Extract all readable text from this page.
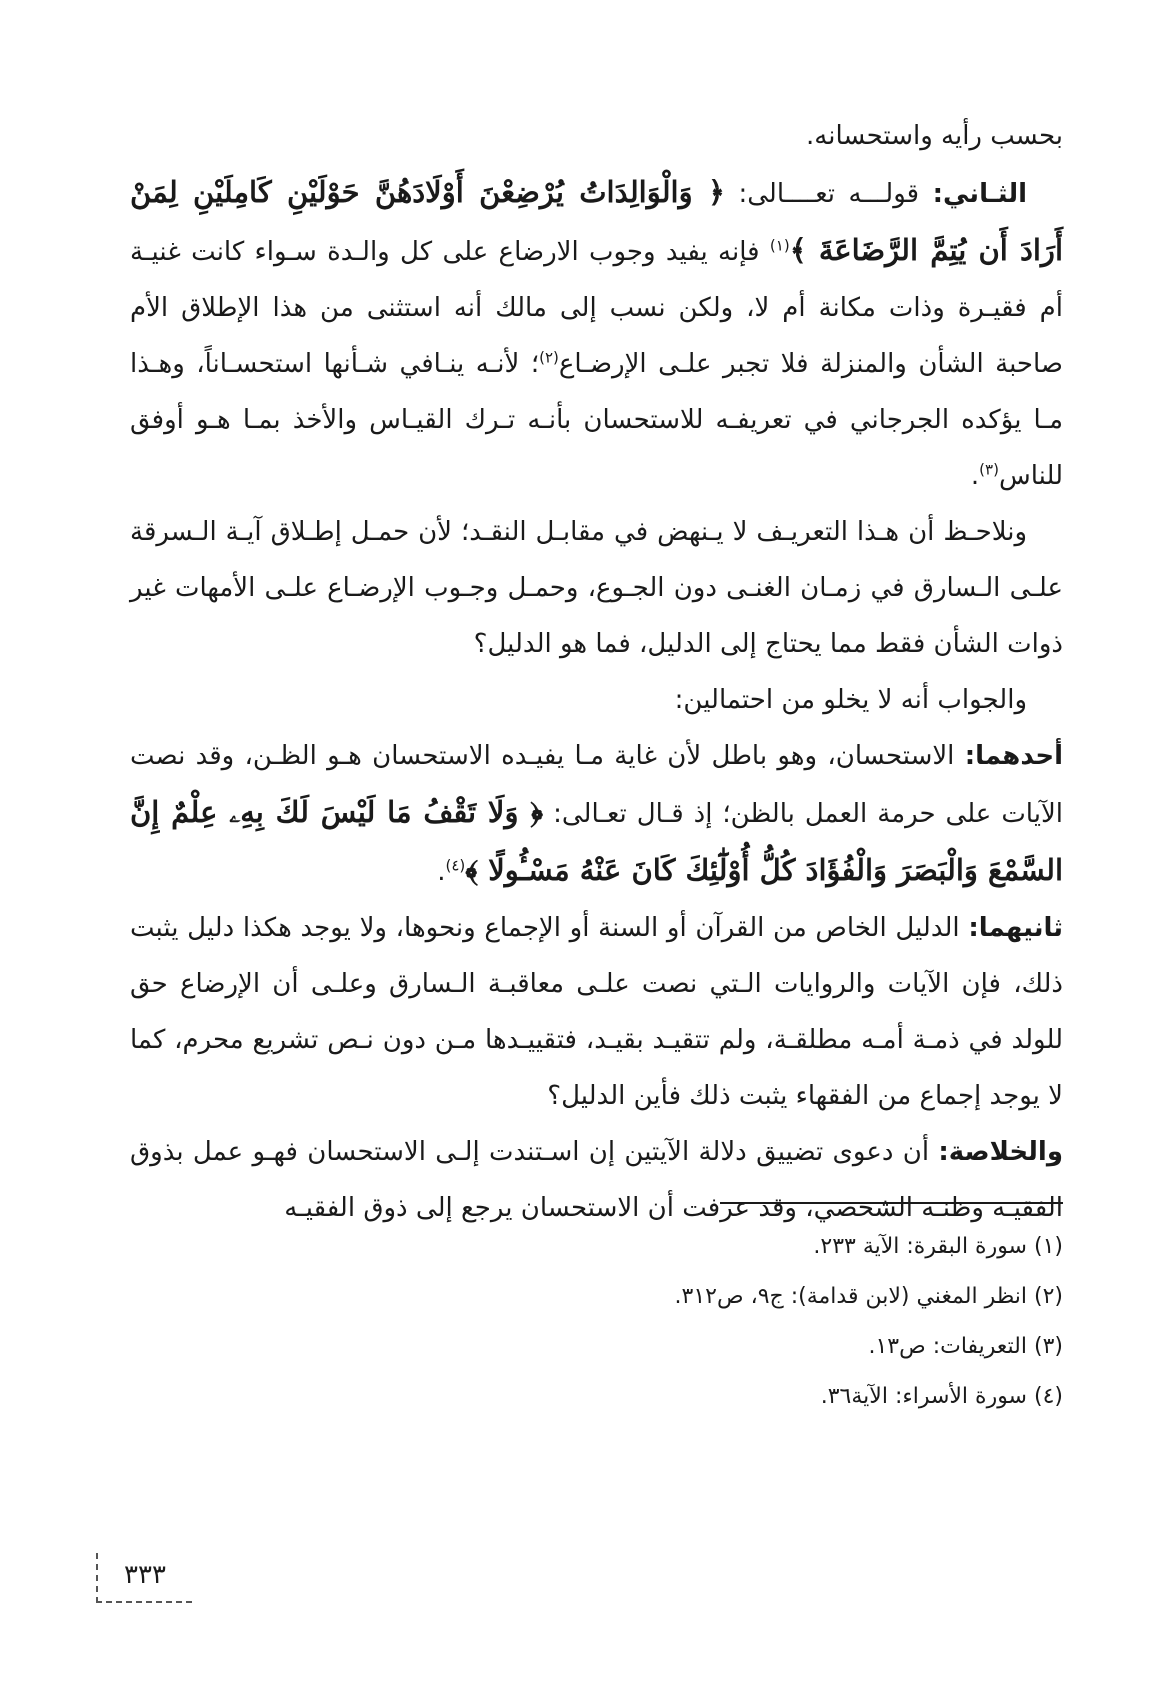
بحسب رأيه واستحسانه.

الثـاني: قولـــه تعــــالى: ﴿ وَالْوَالِدَاتُ يُرْضِعْنَ أَوْلَادَهُنَّ حَوْلَيْنِ كَامِلَيْنِ لِمَنْ أَرَادَ أَن يُتِمَّ الرَّضَاعَةَ ﴾$^{(١)}$ فإنه يفيد وجوب الارضاع على كل والـدة سـواء كانت غنيـة أم فقيـرة وذات مكانة أم لا، ولكن نسب إلى مالك أنه استثنى من هذا الإطلاق الأم صاحبة الشأن والمنزلة فلا تجبر علـى الإرضـاع$^{(٢)}$؛ لأنـه ينـافي شـأنها استحسـاناً، وهـذا مـا يؤكده الجرجاني في تعريفـه للاستحسان بأنـه تـرك القيـاس والأخذ بمـا هـو أوفق للناس$^{(٣)}$.

ونلاحـظ أن هـذا التعريـف لا يـنهض في مقابـل النقـد؛ لأن حمـل إطـلاق آيـة الـسرقة علـى الـسارق في زمـان الغنـى دون الجـوع، وحمـل وجـوب الإرضـاع علـى الأمهات غير ذوات الشأن فقط مما يحتاج إلى الدليل، فما هو الدليل؟

والجواب أنه لا يخلو من احتمالين:

أحدهما: الاستحسان، وهو باطل لأن غاية مـا يفيـده الاستحسان هـو الظـن، وقد نصت الآيات على حرمة العمل بالظن؛ إذ قـال تعـالى: ﴿ وَلَا تَقْفُ مَا لَيْسَ لَكَ بِهِۦ عِلْمٌ إِنَّ السَّمْعَ وَالْبَصَرَ وَالْفُؤَادَ كُلُّ أُوْلَٰٓئِكَ كَانَ عَنْهُ مَسْـُٔولًا ﴾$^{(٤)}$.

ثانيهما: الدليل الخاص من القرآن أو السنة أو الإجماع ونحوها، ولا يوجد هكذا دليل يثبت ذلك، فإن الآيات والروايات الـتي نصت علـى معاقبـة الـسارق وعلـى أن الإرضاع حق للولد في ذمـة أمـه مطلقـة، ولم تتقيـد بقيـد، فتقييـدها مـن دون نـص تشريع محرم، كما لا يوجد إجماع من الفقهاء يثبت ذلك فأين الدليل؟

والخلاصة: أن دعوى تضييق دلالة الآيتين إن اسـتندت إلـى الاستحسان فهـو عمل بذوق الفقيـه وظنـه الشخصي، وقد عرفت أن الاستحسان يرجع إلى ذوق الفقيـه

(١) سورة البقرة: الآية ٢٣٣.

(٢) انظر المغني (لابن قدامة): ج٩، ص٣١٢.

(٣) التعريفات: ص١٣.

(٤) سورة الأسراء: الآية٣٦.

٣٣٣
